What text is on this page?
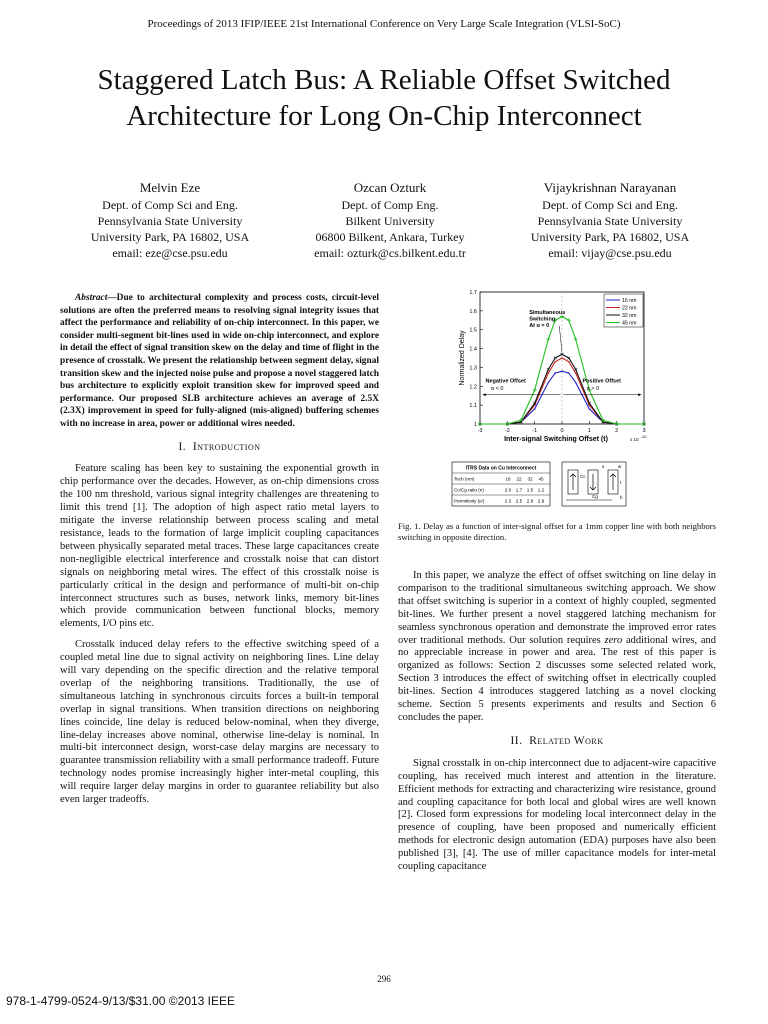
Proceedings of 2013 IFIP/IEEE 21st International Conference on Very Large Scale Integration (VLSI-SoC)
Staggered Latch Bus: A Reliable Offset Switched
Architecture for Long On-Chip Interconnect
Melvin Eze
Dept. of Comp Sci and Eng.
Pennsylvania State University
University Park, PA 16802, USA
email: eze@cse.psu.edu
Ozcan Ozturk
Dept. of Comp Eng.
Bilkent University
06800 Bilkent, Ankara, Turkey
email: ozturk@cs.bilkent.edu.tr
Vijaykrishnan Narayanan
Dept. of Comp Sci and Eng.
Pennsylvania State University
University Park, PA 16802, USA
email: vijay@cse.psu.edu

Abstract—Due to architectural complexity and process costs, circuit-level solutions are often the preferred means to resolving signal integrity issues that affect the performance and reliability of on-chip interconnect. In this paper, we consider multi-segment bit-lines used in wide on-chip interconnect, and explore in detail the effect of signal transition skew on the delay and time of flight in the presence of crosstalk. We present the relationship between segment delay, signal transition skew and the injected noise pulse and propose a novel staggered latch bus architecture to explicitly exploit transition skew for improved speed and performance. Our proposed SLB architecture achieves an average of 2.5X (2.3X) improvement in speed for fully-aligned (mis-aligned) buffering schemes with no increase in area, power or additional wires needed.

I. Introduction

Feature scaling has been key to sustaining the exponential growth in chip performance over the decades. However, as on-chip dimensions cross the 100 nm threshold, various signal integrity challenges are threatening to limit this trend [1]. The adoption of high aspect ratio metal layers to mitigate the inverse relationship between process scaling and metal resistance, leads to the formation of large implicit coupling capacitances between physically separated metal traces. These large capacitances create non-negligible electrical interference and crosstalk noise that can distort signals on neighboring metal wires. The effect of this crosstalk noise is particularly critical in the design and performance of multi-bit on-chip interconnect structures such as buses, network links, memory bit-lines which provide communication between functional blocks, memory elements, I/O pins etc.

Crosstalk induced delay refers to the effective switching speed of a coupled metal line due to signal activity on neighboring lines. Line delay will vary depending on the specific direction and the relative temporal overlap of the neighboring transitions. Traditionally, the use of simultaneous latching in synchronous circuits forces a built-in temporal overlap in signal transitions. When transition directions on neighboring lines coincide, line delay is reduced below-nominal, when they diverge, line-delay increases above nominal, otherwise line-delay is nominal. In multi-bit interconnect design, worst-case delay margins are necessary to guarantee transmission reliability with a small performance tradeoff. Future technology nodes promise increasingly higher inter-metal coupling, this will require larger delay margins in order to guarantee reliability but also even larger tradeoffs.

-3	-2	-1	0	1	2	3
1
1.1
1.2
1.3
1.4
1.5
1.6
1.7
Inter-signal Switching Offset (t)	x 10 -10
Normalized Delay
16 nm
22 nm
32 nm
45 nm
Simultaneous
Switching
At α = 0
Negative Offset
α < 0
Positive Offset
α > 0
ITRS Data on Cu Interconnect
Tech (nm)	16 22 32 45
Cc/Cg ratio (n)	2.0 1.7 1.5 1.2
Permittivity (εr)	2.3 2.5 2.8 2.9
Cc
Cg
s
t
h
w
Fig. 1. Delay as a function of inter-signal offset for a 1mm copper line with both neighbors switching in opposite direction.

In this paper, we analyze the effect of offset switching on line delay in comparison to the traditional simultaneous switching approach. We show that offset switching is superior in a context of highly coupled, segmented bit-lines. We further present a novel staggered latching mechanism for seamless synchronous operation and demonstrate the improved error rates over traditional methods. Our solution requires zero additional wires, and no appreciable increase in power and area. The rest of this paper is organized as follows: Section 2 discusses some selected related work, Section 3 introduces the effect of switching offset in electrically coupled bit-lines. Section 4 introduces staggered latching as a novel clocking scheme. Section 5 presents experiments and results and Section 6 concludes the paper.

II. Related Work

Signal crosstalk in on-chip interconnect due to adjacent-wire capacitive coupling, has received much interest and attention in the literature. Efficient methods for extracting and characterizing wire resistance, ground and coupling capacitance for both local and global wires are well known [2]. Closed form expressions for modeling local interconnect delay in the presence of coupling, have been proposed and numerically efficient methods for electronic design automation (EDA) purposes have also been published [3], [4]. The use of miller capacitance models for inter-metal coupling capacitance

296
978-1-4799-0524-9/13/$31.00 ©2013 IEEE
